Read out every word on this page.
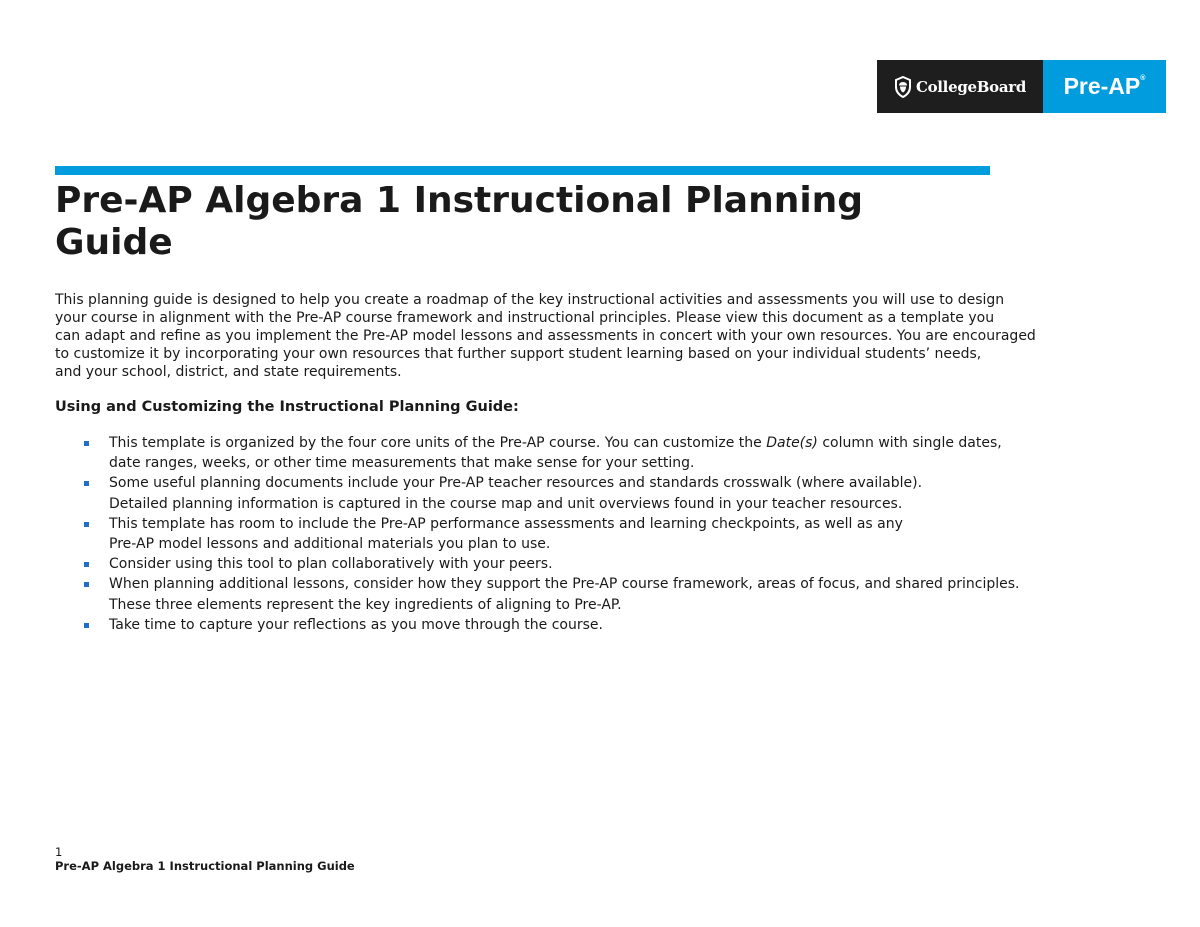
CollegeBoard Pre-AP®
Pre-AP Algebra 1 Instructional Planning Guide

This planning guide is designed to help you create a roadmap of the key instructional activities and assessments you will use to design
your course in alignment with the Pre-AP course framework and instructional principles. Please view this document as a template you
can adapt and refine as you implement the Pre-AP model lessons and assessments in concert with your own resources. You are encouraged
to customize it by incorporating your own resources that further support student learning based on your individual students’ needs,
and your school, district, and state requirements.

Using and Customizing the Instructional Planning Guide:
This template is organized by the four core units of the Pre-AP course. You can customize the Date(s) column with single dates,
date ranges, weeks, or other time measurements that make sense for your setting.
Some useful planning documents include your Pre-AP teacher resources and standards crosswalk (where available).
Detailed planning information is captured in the course map and unit overviews found in your teacher resources.
This template has room to include the Pre-AP performance assessments and learning checkpoints, as well as any
Pre-AP model lessons and additional materials you plan to use.
Consider using this tool to plan collaboratively with your peers.
When planning additional lessons, consider how they support the Pre-AP course framework, areas of focus, and shared principles.
These three elements represent the key ingredients of aligning to Pre-AP.
Take time to capture your reflections as you move through the course.
1
Pre-AP Algebra 1 Instructional Planning Guide
